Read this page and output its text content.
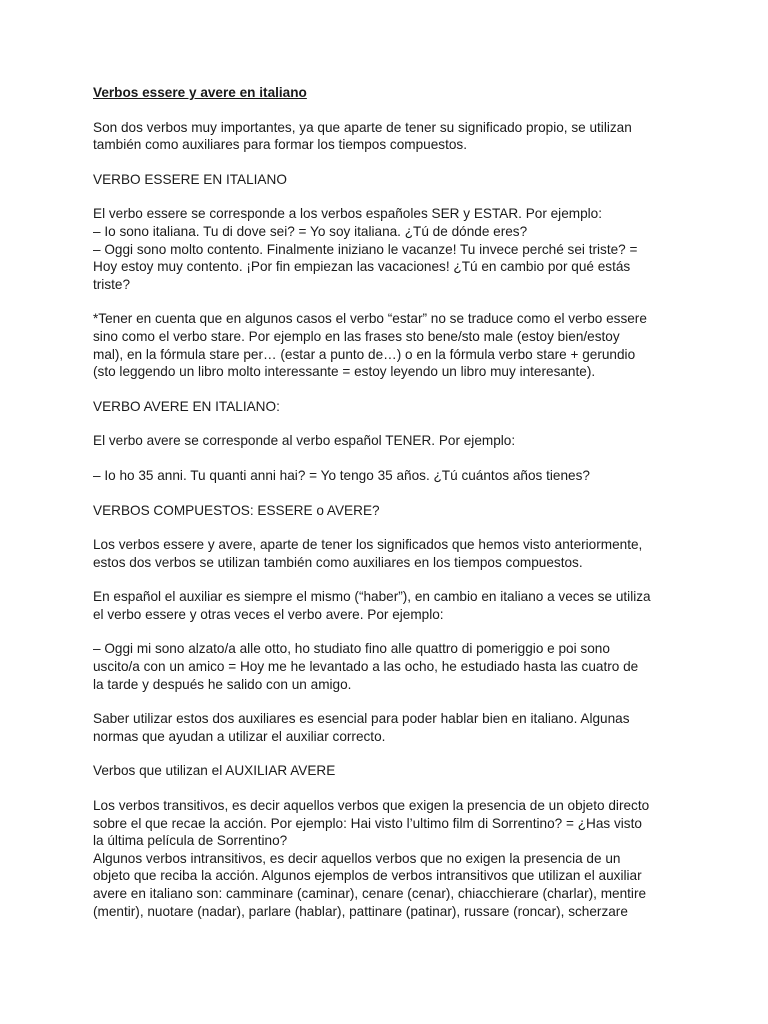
Verbos essere y avere en italiano
Son dos verbos muy importantes, ya que aparte de tener su significado propio, se utilizan
también como auxiliares para formar los tiempos compuestos.
VERBO ESSERE EN ITALIANO
El verbo essere se corresponde a los verbos españoles SER y ESTAR. Por ejemplo:
– Io sono italiana. Tu di dove sei? = Yo soy italiana. ¿Tú de dónde eres?
– Oggi sono molto contento. Finalmente iniziano le vacanze! Tu invece perché sei triste? =
Hoy estoy muy contento. ¡Por fin empiezan las vacaciones! ¿Tú en cambio por qué estás
triste?
*Tener en cuenta que en algunos casos el verbo “estar” no se traduce como el verbo essere
sino como el verbo stare. Por ejemplo en las frases sto bene/sto male (estoy bien/estoy
mal), en la fórmula stare per… (estar a punto de…) o en la fórmula verbo stare + gerundio
(sto leggendo un libro molto interessante = estoy leyendo un libro muy interesante).
VERBO AVERE EN ITALIANO:
El verbo avere se corresponde al verbo español TENER. Por ejemplo:
– Io ho 35 anni. Tu quanti anni hai? = Yo tengo 35 años. ¿Tú cuántos años tienes?
VERBOS COMPUESTOS: ESSERE o AVERE?
Los verbos essere y avere, aparte de tener los significados que hemos visto anteriormente,
estos dos verbos se utilizan también como auxiliares en los tiempos compuestos.
En español el auxiliar es siempre el mismo (“haber”), en cambio en italiano a veces se utiliza
el verbo essere y otras veces el verbo avere. Por ejemplo:
– Oggi mi sono alzato/a alle otto, ho studiato fino alle quattro di pomeriggio e poi sono
uscito/a con un amico = Hoy me he levantado a las ocho, he estudiado hasta las cuatro de
la tarde y después he salido con un amigo.
Saber utilizar estos dos auxiliares es esencial para poder hablar bien en italiano. Algunas
normas que ayudan a utilizar el auxiliar correcto.
Verbos que utilizan el AUXILIAR AVERE
Los verbos transitivos, es decir aquellos verbos que exigen la presencia de un objeto directo
sobre el que recae la acción. Por ejemplo: Hai visto l’ultimo film di Sorrentino? = ¿Has visto
la última película de Sorrentino?
Algunos verbos intransitivos, es decir aquellos verbos que no exigen la presencia de un
objeto que reciba la acción. Algunos ejemplos de verbos intransitivos que utilizan el auxiliar
avere en italiano son: camminare (caminar), cenare (cenar), chiacchierare (charlar), mentire
(mentir), nuotare (nadar), parlare (hablar), pattinare (patinar), russare (roncar), scherzare
